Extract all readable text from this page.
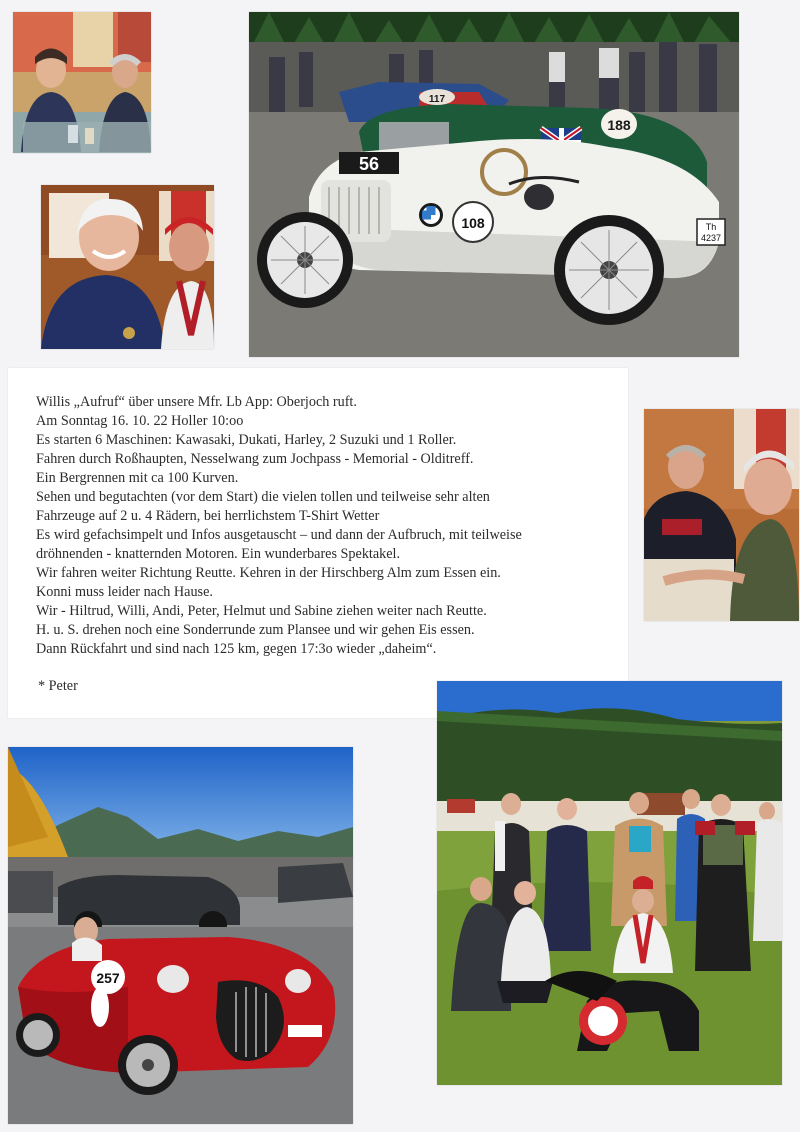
188
117
56
108	Th
4237
Willis „Aufruf“ über unsere Mfr. Lb App: Oberjoch ruft.
Am Sonntag 16. 10. 22 Holler 10:oo
Es starten 6 Maschinen: Kawasaki, Dukati, Harley, 2 Suzuki und 1 Roller.
Fahren durch Roßhaupten, Nesselwang zum Jochpass - Memorial - Olditreff.
Ein Bergrennen mit ca 100 Kurven.
Sehen und begutachten (vor dem Start) die vielen tollen und teilweise sehr alten
Fahrzeuge auf 2 u. 4 Rädern, bei herrlichstem T-Shirt Wetter
Es wird gefachsimpelt und Infos ausgetauscht – und dann der Aufbruch, mit teilweise
dröhnenden - knatternden Motoren. Ein wunderbares Spektakel.
Wir fahren weiter Richtung Reutte. Kehren in der Hirschberg Alm zum Essen ein.
Konni muss leider nach Hause.
Wir - Hiltrud, Willi, Andi, Peter, Helmut und Sabine ziehen weiter nach Reutte.
H. u. S. drehen noch eine Sonderrunde zum Plansee und wir gehen Eis essen.
Dann Rückfahrt und sind nach 125 km, gegen 17:3o wieder „daheim“.
* Peter
257
